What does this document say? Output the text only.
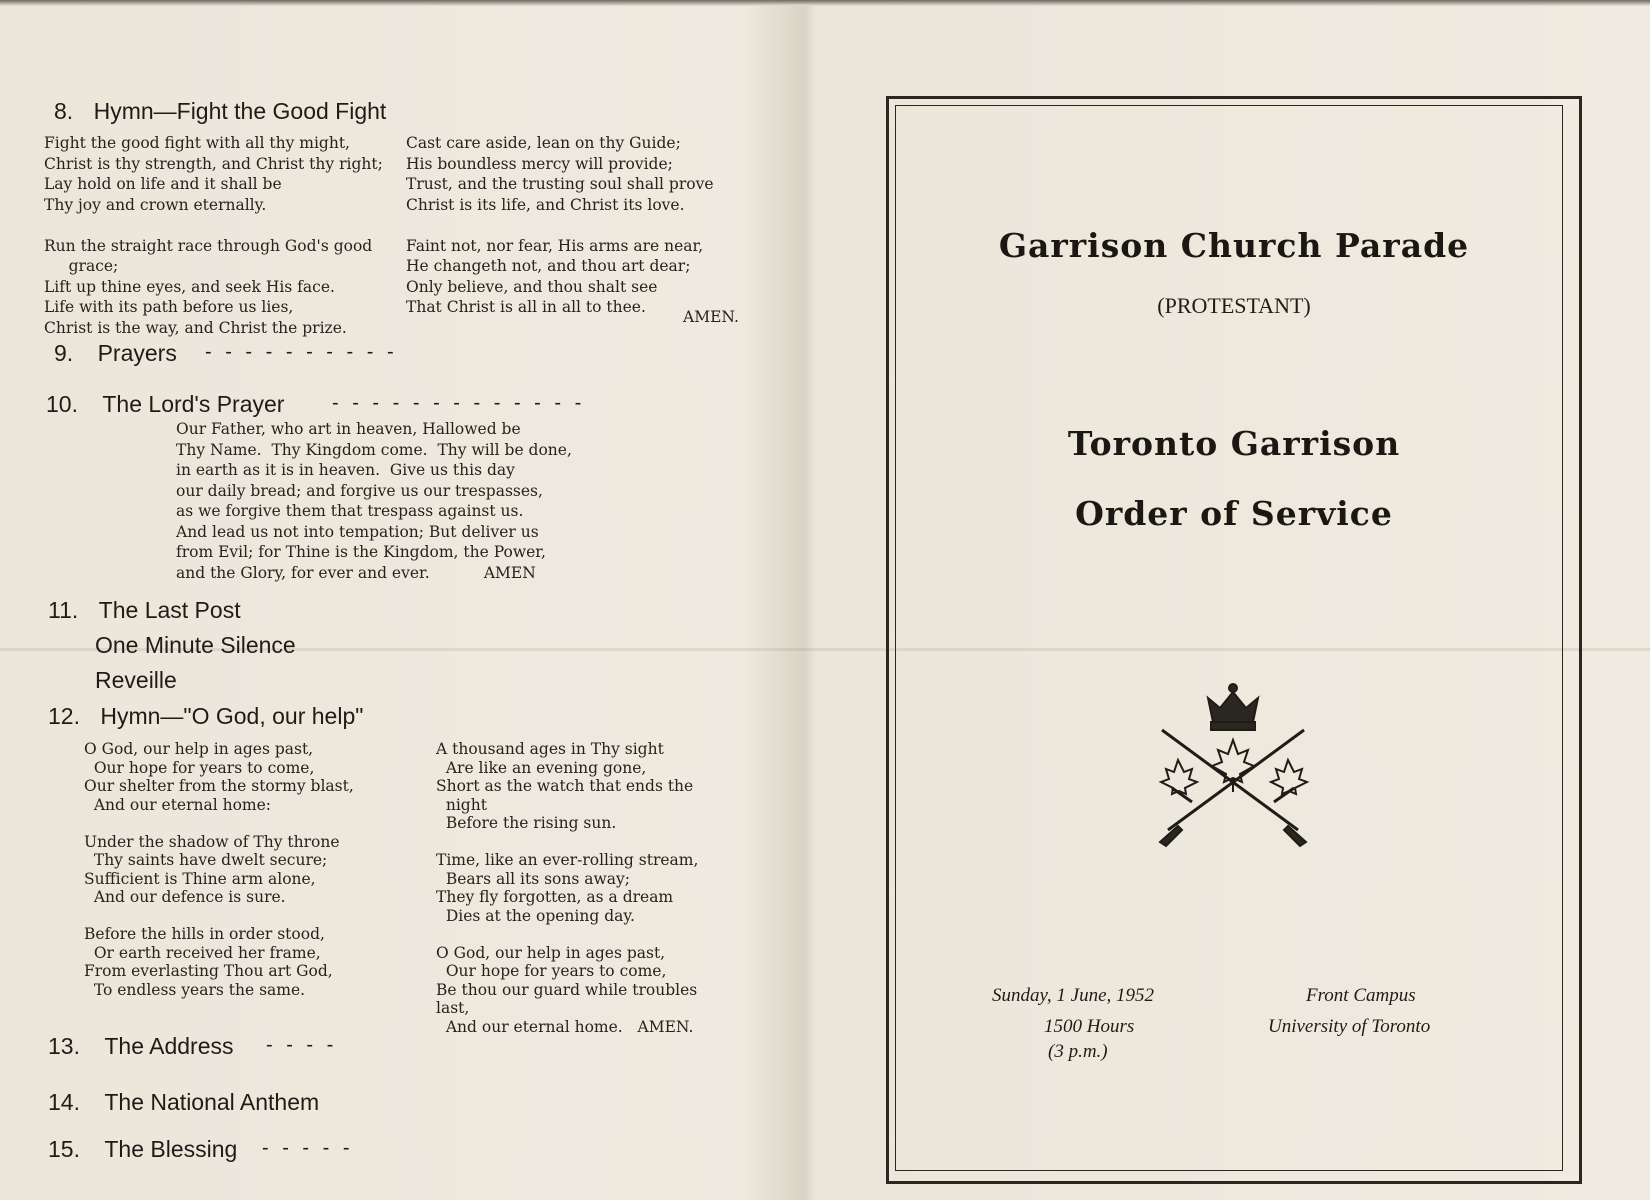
8. Hymn—Fight the Good Fight
Fight the good fight with all thy might,
Christ is thy strength, and Christ thy right;
Lay hold on life and it shall be
Thy joy and crown eternally.

Run the straight race through God's good
grace;
Lift up thine eyes, and seek His face.
Life with its path before us lies,
Christ is the way, and Christ the prize.
Cast care aside, lean on thy Guide;
His boundless mercy will provide;
Trust, and the trusting soul shall prove
Christ is its life, and Christ its love.

Faint not, nor fear, His arms are near,
He changeth not, and thou art dear;
Only believe, and thou shalt see
That Christ is all in all to thee.
AMEN.
9. Prayers - - - - - - - - - -
10. The Lord's Prayer - - - - - - - - - - - - -
Our Father, who art in heaven, Hallowed be
Thy Name.  Thy Kingdom come.  Thy will be done,
in earth as it is in heaven.  Give us this day
our daily bread; and forgive us our trespasses,
as we forgive them that trespass against us.
And lead us not into tempation; But deliver us
from Evil; for Thine is the Kingdom, the Power,
and the Glory, for ever and ever.           AMEN
11. The Last Post
One Minute Silence
Reveille
12. Hymn—"O God, our help"
O God, our help in ages past,
Our hope for years to come,
Our shelter from the stormy blast,
And our eternal home:

Under the shadow of Thy throne
Thy saints have dwelt secure;
Sufficient is Thine arm alone,
And our defence is sure.

Before the hills in order stood,
Or earth received her frame,
From everlasting Thou art God,
To endless years the same.
A thousand ages in Thy sight
Are like an evening gone,
Short as the watch that ends the
night
Before the rising sun.

Time, like an ever-rolling stream,
Bears all its sons away;
They fly forgotten, as a dream
Dies at the opening day.

O God, our help in ages past,
Our hope for years to come,
Be thou our guard while troubles
last,
And our eternal home.   AMEN.
13. The Address - - - -
14. The National Anthem
15. The Blessing - - - - -
Garrison Church Parade
(PROTESTANT)
Toronto Garrison
Order of Service
Sunday, 1 June, 1952
1500 Hours
(3 p.m.)
Front Campus
University of Toronto
